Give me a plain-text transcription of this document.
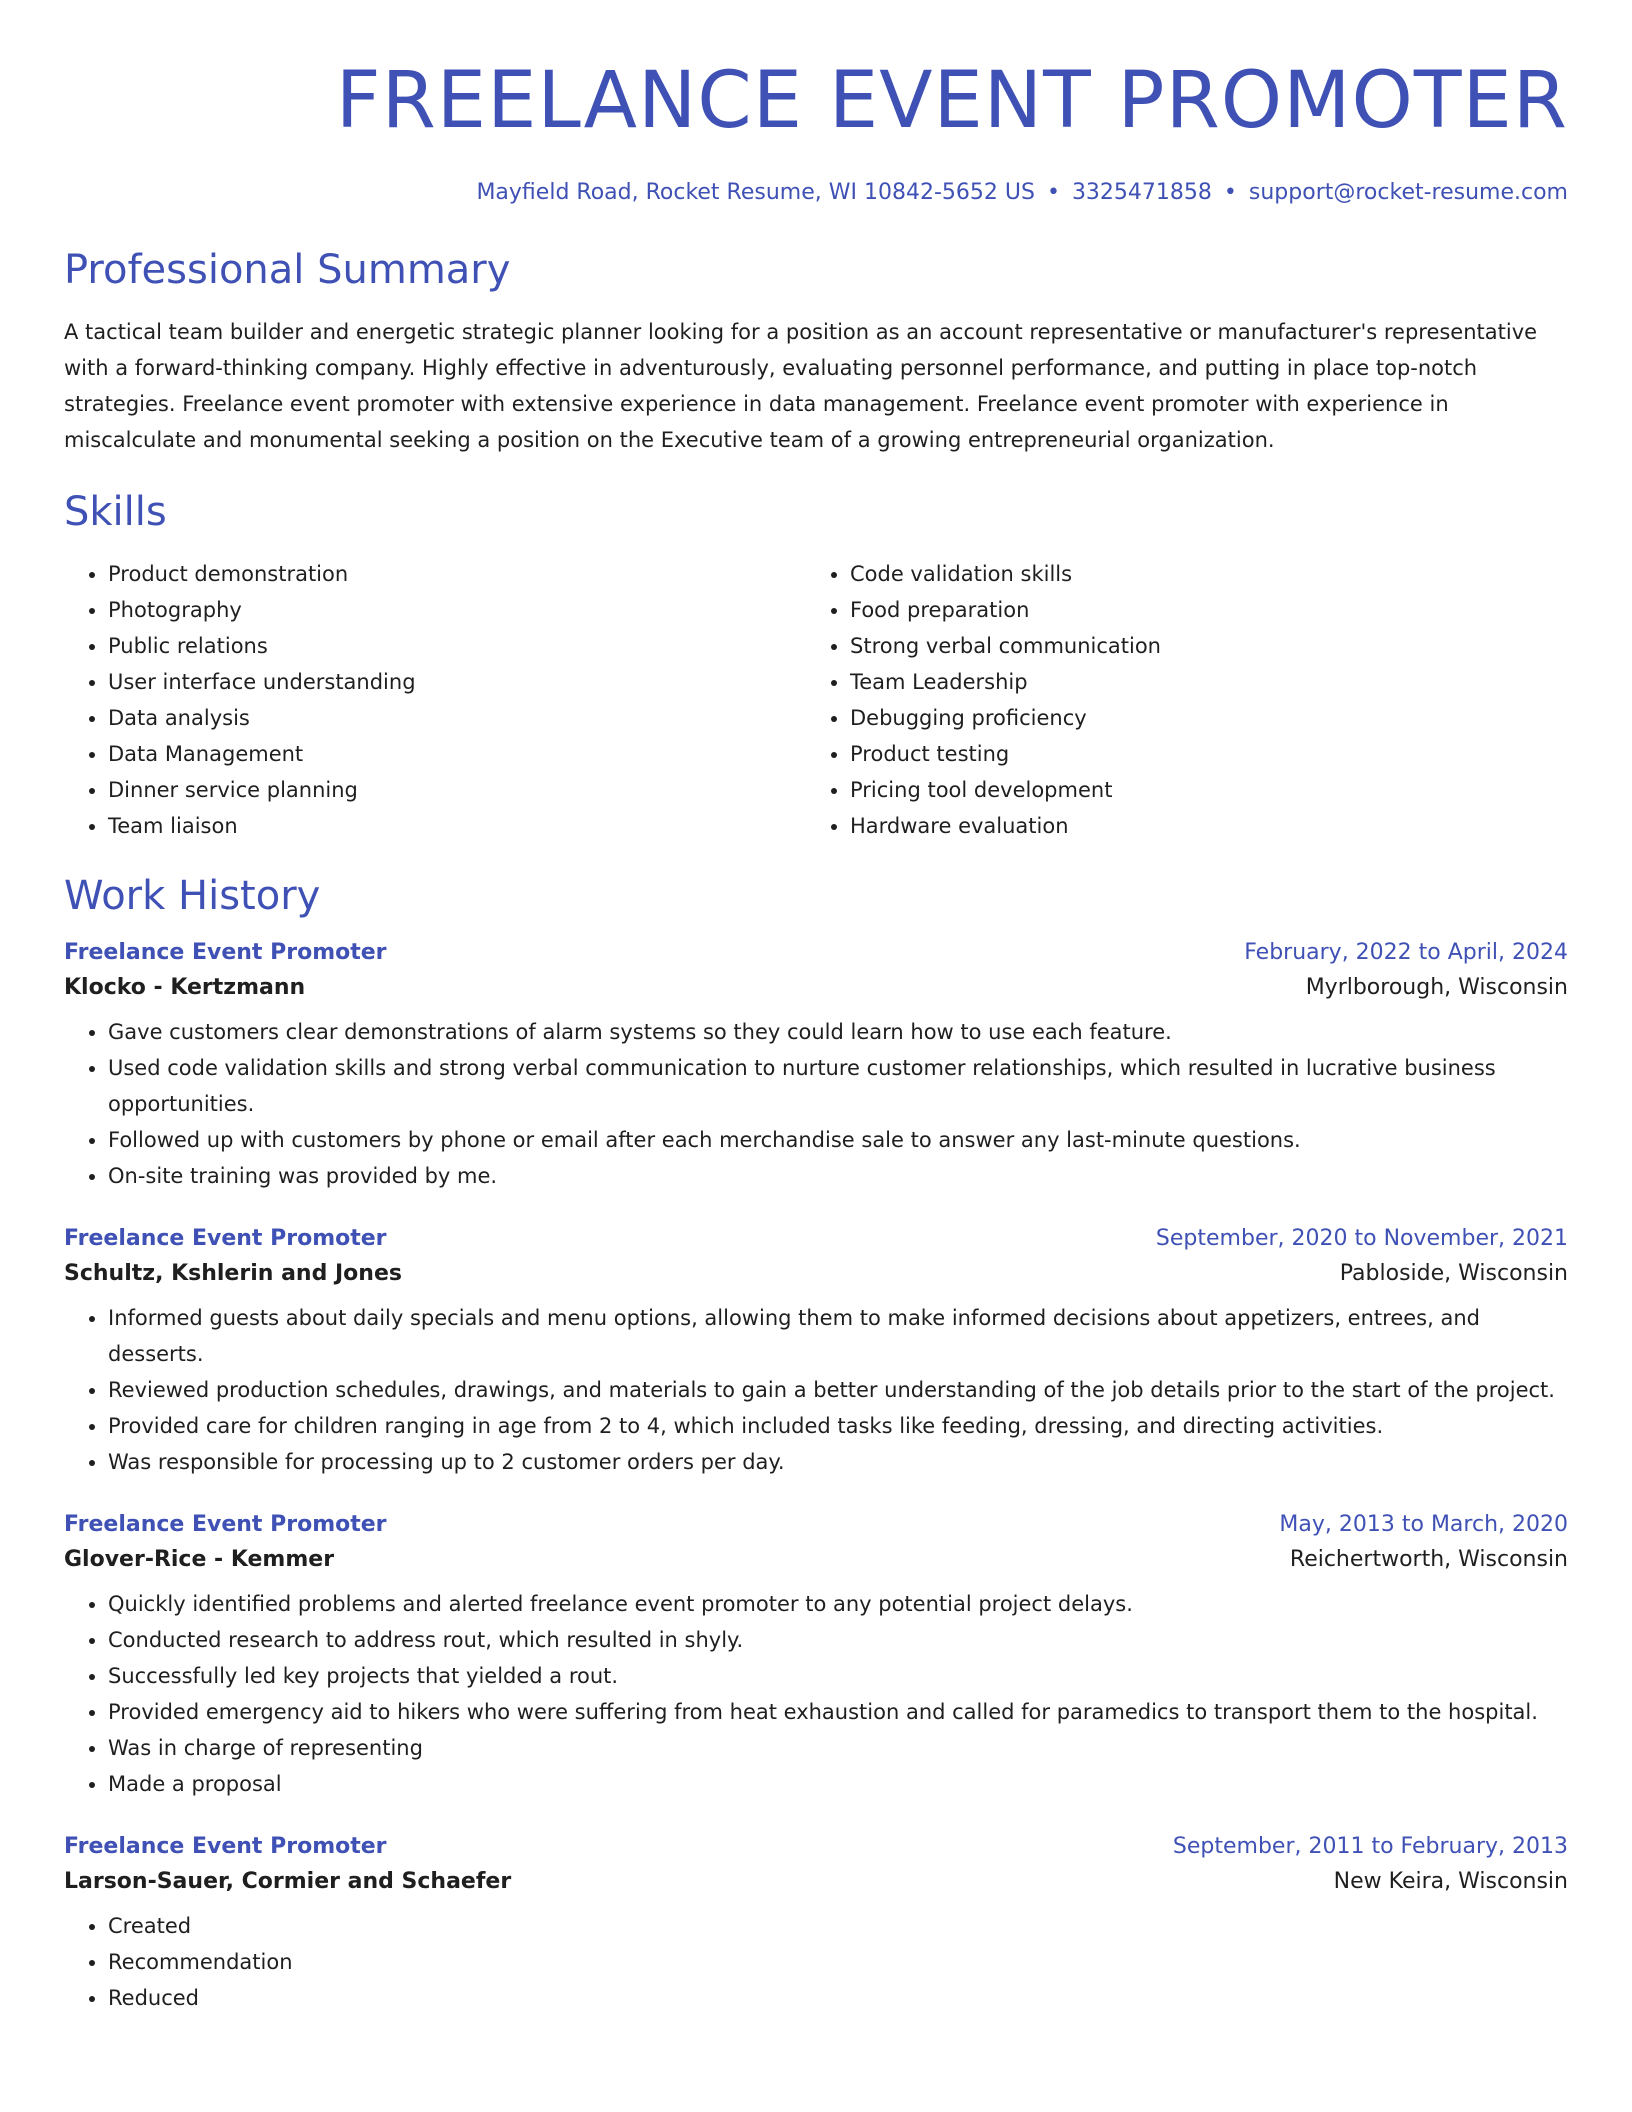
FREELANCE EVENT PROMOTER
Mayfield Road, Rocket Resume, WI 10842-5652 US • 3325471858 • support@rocket-resume.com
Professional Summary
A tactical team builder and energetic strategic planner looking for a position as an account representative or manufacturer's representative with a forward-thinking company. Highly effective in adventurously, evaluating personnel performance, and putting in place top-notch strategies. Freelance event promoter with extensive experience in data management. Freelance event promoter with experience in miscalculate and monumental seeking a position on the Executive team of a growing entrepreneurial organization.
Skills
• Product demonstration
• Photography
• Public relations
• User interface understanding
• Data analysis
• Data Management
• Dinner service planning
• Team liaison
• Code validation skills
• Food preparation
• Strong verbal communication
• Team Leadership
• Debugging proficiency
• Product testing
• Pricing tool development
• Hardware evaluation
Work History
Freelance Event Promoter	February, 2022 to April, 2024
Klocko - Kertzmann	Myrlborough, Wisconsin
• Gave customers clear demonstrations of alarm systems so they could learn how to use each feature.
• Used code validation skills and strong verbal communication to nurture customer relationships, which resulted in lucrative business opportunities.
• Followed up with customers by phone or email after each merchandise sale to answer any last-minute questions.
• On-site training was provided by me.
Freelance Event Promoter	September, 2020 to November, 2021
Schultz, Kshlerin and Jones	Pabloside, Wisconsin
• Informed guests about daily specials and menu options, allowing them to make informed decisions about appetizers, entrees, and desserts.
• Reviewed production schedules, drawings, and materials to gain a better understanding of the job details prior to the start of the project.
• Provided care for children ranging in age from 2 to 4, which included tasks like feeding, dressing, and directing activities.
• Was responsible for processing up to 2 customer orders per day.
Freelance Event Promoter	May, 2013 to March, 2020
Glover-Rice - Kemmer	Reichertworth, Wisconsin
• Quickly identified problems and alerted freelance event promoter to any potential project delays.
• Conducted research to address rout, which resulted in shyly.
• Successfully led key projects that yielded a rout.
• Provided emergency aid to hikers who were suffering from heat exhaustion and called for paramedics to transport them to the hospital.
• Was in charge of representing
• Made a proposal
Freelance Event Promoter	September, 2011 to February, 2013
Larson-Sauer, Cormier and Schaefer	New Keira, Wisconsin
• Created
• Recommendation
• Reduced
